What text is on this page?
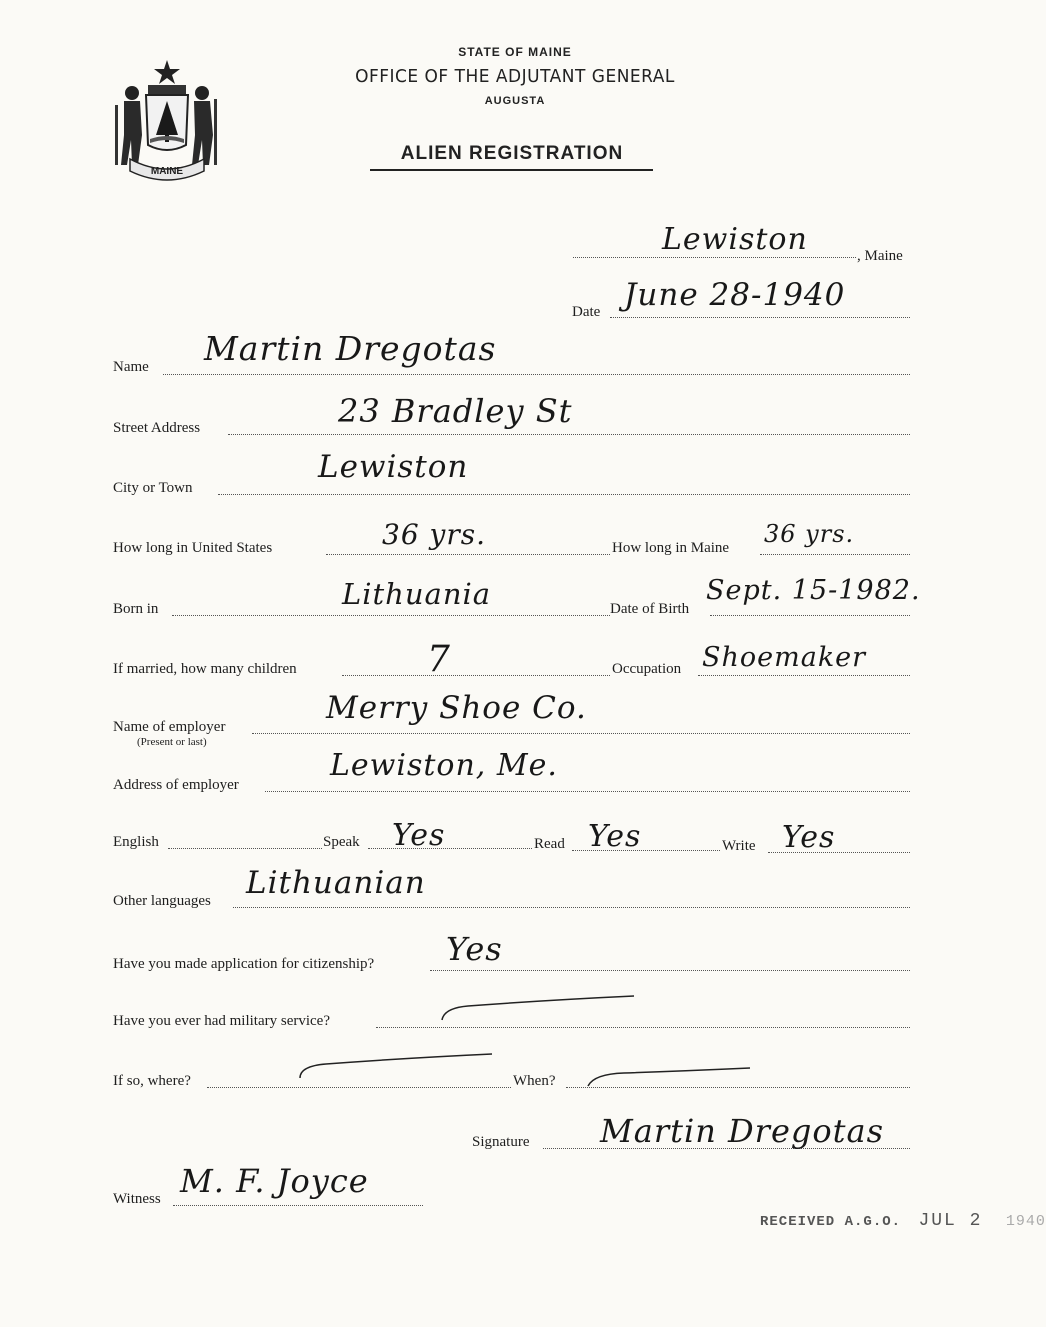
MAINE
STATE OF MAINE
OFFICE OF THE ADJUTANT GENERAL
AUGUSTA
ALIEN REGISTRATION
Lewiston	, Maine
Date June 28-1940
Name Martin Dregotas
Street Address	23 Bradley St
City or Town
Lewiston
How long in United States	36 yrs.	How long in Maine 36 yrs.
Born in	Lithuania	Date of Birth
Sept. 15-1982.
If married, how many children	7	Occupation Shoemaker
Name of employer
(Present or last)
Merry Shoe Co.
Address of employer
Lewiston, Me.
English	Speak Yes	Read Yes	Write Yes
Other languages Lithuanian
Have you made application for citizenship? Yes
Have you ever had military service?
If so, where?	When?
Signature Martin Dregotas
Witness M. F. Joyce
RECEIVED A.G.O. JUL 2 1940
